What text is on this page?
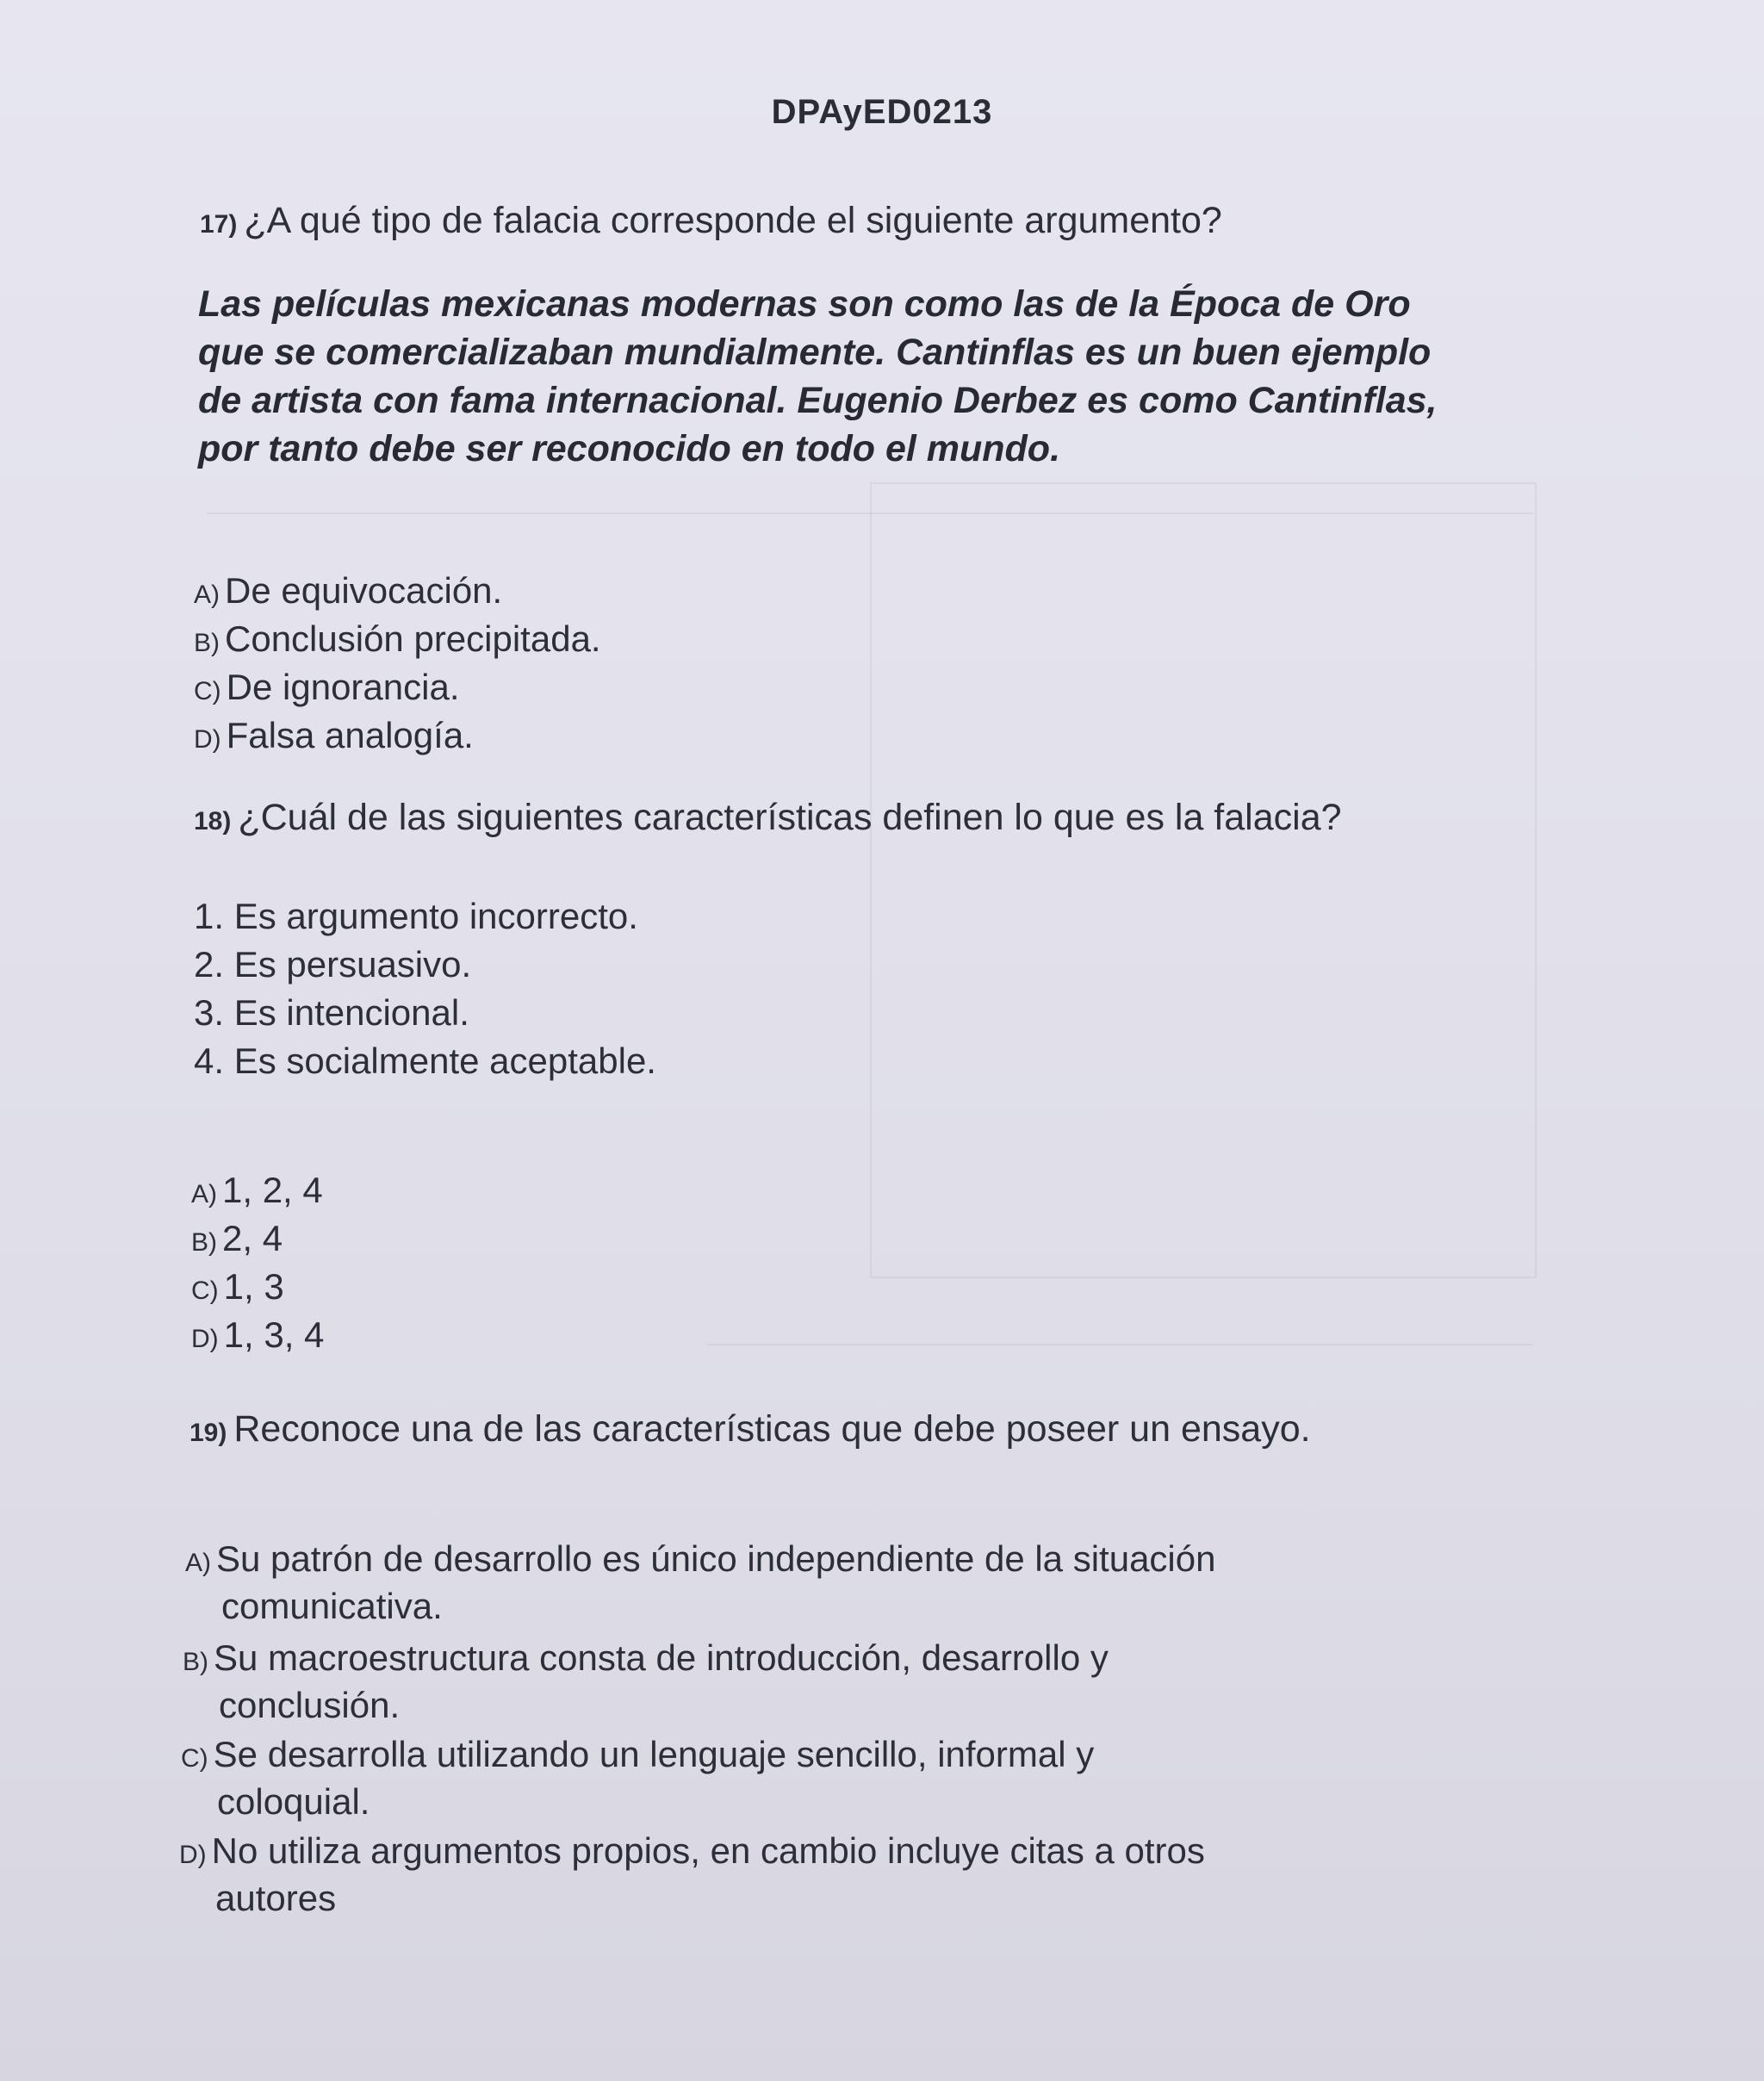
DPAyED0213
17) ¿A qué tipo de falacia corresponde el siguiente argumento?
Las películas mexicanas modernas son como las de la Época de Oro
que se comercializaban mundialmente. Cantinflas es un buen ejemplo
de artista con fama internacional. Eugenio Derbez es como Cantinflas,
por tanto debe ser reconocido en todo el mundo.
A) De equivocación.
B) Conclusión precipitada.
C) De ignorancia.
D) Falsa analogía.
18) ¿Cuál de las siguientes características definen lo que es la falacia?
1. Es argumento incorrecto.
2. Es persuasivo.
3. Es intencional.
4. Es socialmente aceptable.
A) 1, 2, 4
B) 2, 4
C) 1, 3
D) 1, 3, 4
19) Reconoce una de las características que debe poseer un ensayo.
A) Su patrón de desarrollo es único independiente de la situación
comunicativa.
B) Su macroestructura consta de introducción, desarrollo y
conclusión.
C) Se desarrolla utilizando un lenguaje sencillo, informal y
coloquial.
D) No utiliza argumentos propios, en cambio incluye citas a otros
autores
